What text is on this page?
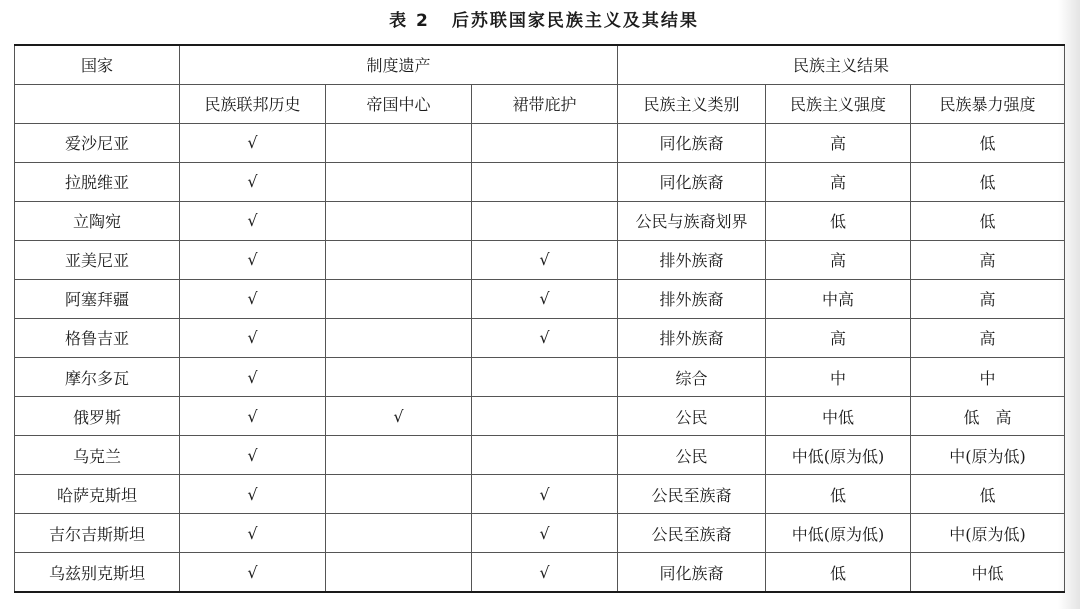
表 2 后苏联国家民族主义及其结果
国家	制度遗产			民族主义结果		
	民族联邦历史	帝国中心	裙带庇护	民族主义类别	民族主义强度	民族暴力强度
爱沙尼亚	√			同化族裔	高	低
拉脱维亚	√			同化族裔	高	低
立陶宛	√			公民与族裔划界	低	低
亚美尼亚	√		√	排外族裔	高	高
阿塞拜疆	√		√	排外族裔	中高	高
格鲁吉亚	√		√	排外族裔	高	高
摩尔多瓦	√			综合	中	中
俄罗斯	√	√		公民	中低	低　高
乌克兰	√			公民	中低(原为低)	中(原为低)
哈萨克斯坦	√		√	公民至族裔	低	低
吉尔吉斯斯坦	√		√	公民至族裔	中低(原为低)	中(原为低)
乌兹别克斯坦	√		√	同化族裔	低	中低
